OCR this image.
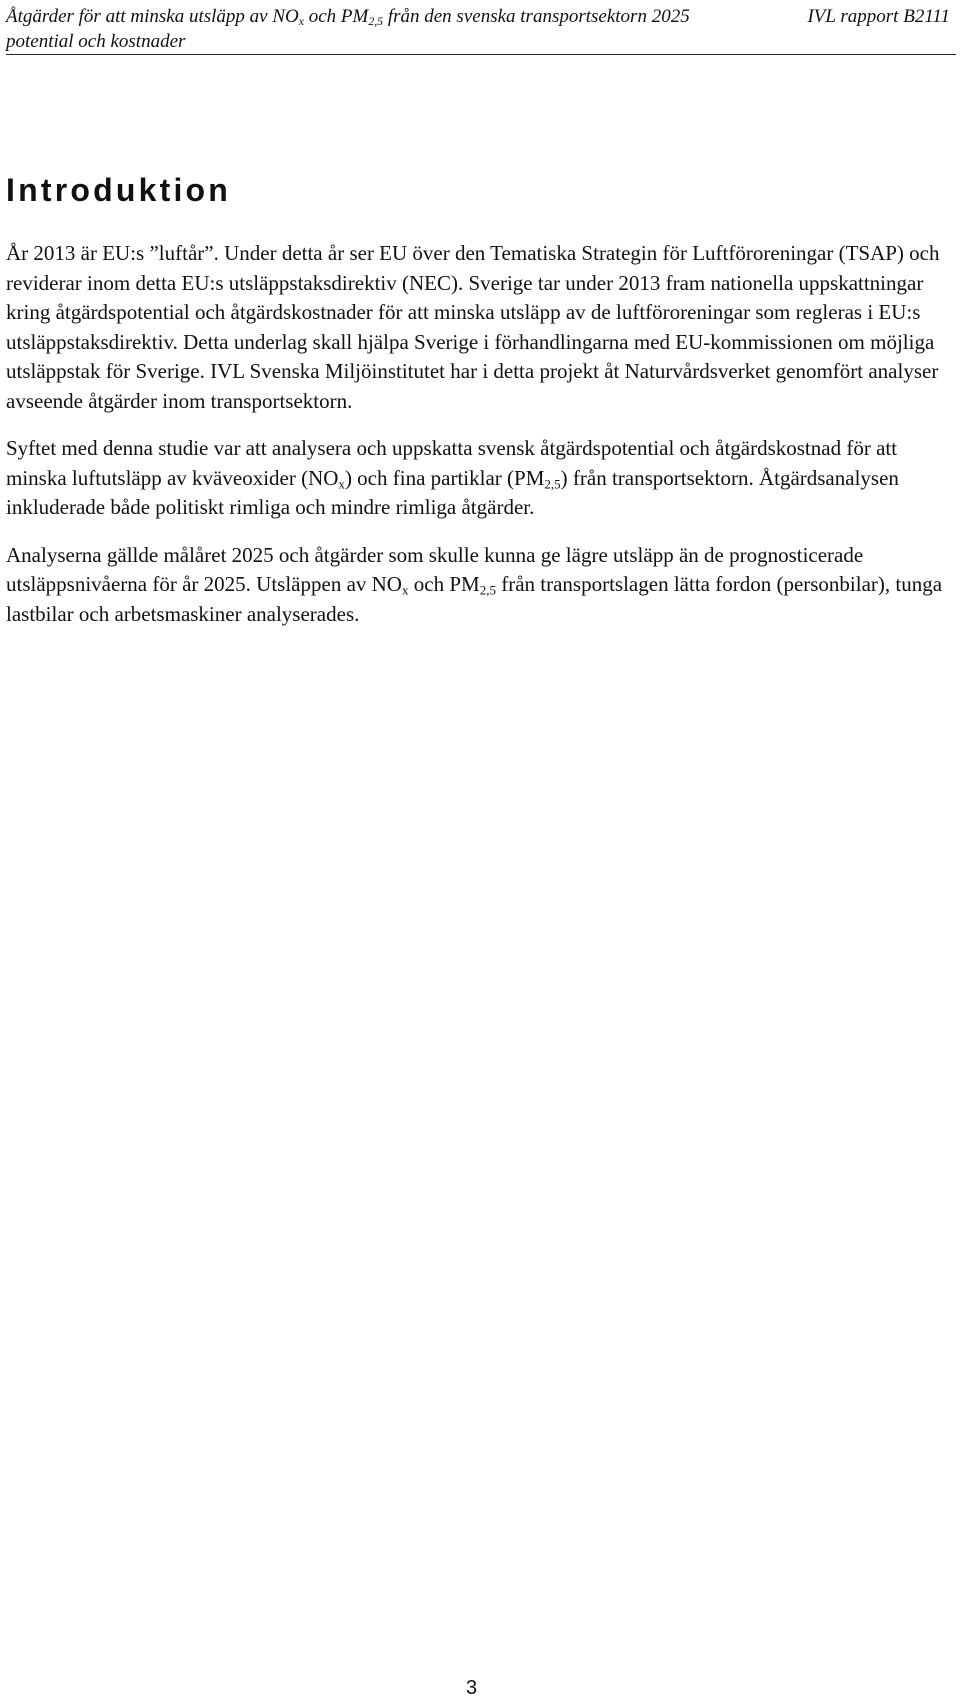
Åtgärder för att minska utsläpp av $NO_x$ och $PM_{2,5}$ från den svenska transportsektorn 2025 potential och kostnader
IVL rapport B2111
Introduktion

År 2013 är EU:s ”luftår”. Under detta år ser EU över den Tematiska Strategin för Luftföroreningar (TSAP) och reviderar inom detta EU:s utsläppstaksdirektiv (NEC). Sverige tar under 2013 fram nationella uppskattningar kring åtgärdspotential och åtgärdskostnader för att minska utsläpp av de luftföroreningar som regleras i EU:s utsläppstaksdirektiv. Detta underlag skall hjälpa Sverige i förhandlingarna med EU-kommissionen om möjliga utsläppstak för Sverige. IVL Svenska Miljöinstitutet har i detta projekt åt Naturvårdsverket genomfört analyser avseende åtgärder inom transportsektorn.

Syftet med denna studie var att analysera och uppskatta svensk åtgärdspotential och åtgärdskostnad för att minska luftutsläpp av kväveoxider $(NO_x)$ och fina partiklar $(PM_{2,5})$ från transportsektorn. Åtgärdsanalysen inkluderade både politiskt rimliga och mindre rimliga åtgärder.

Analyserna gällde målåret 2025 och åtgärder som skulle kunna ge lägre utsläpp än de prognosticerade utsläppsnivåerna för år 2025. Utsläppen av $NO_x$ och $PM_{2,5}$ från transportslagen lätta fordon (personbilar), tunga lastbilar och arbetsmaskiner analyserades.

3
